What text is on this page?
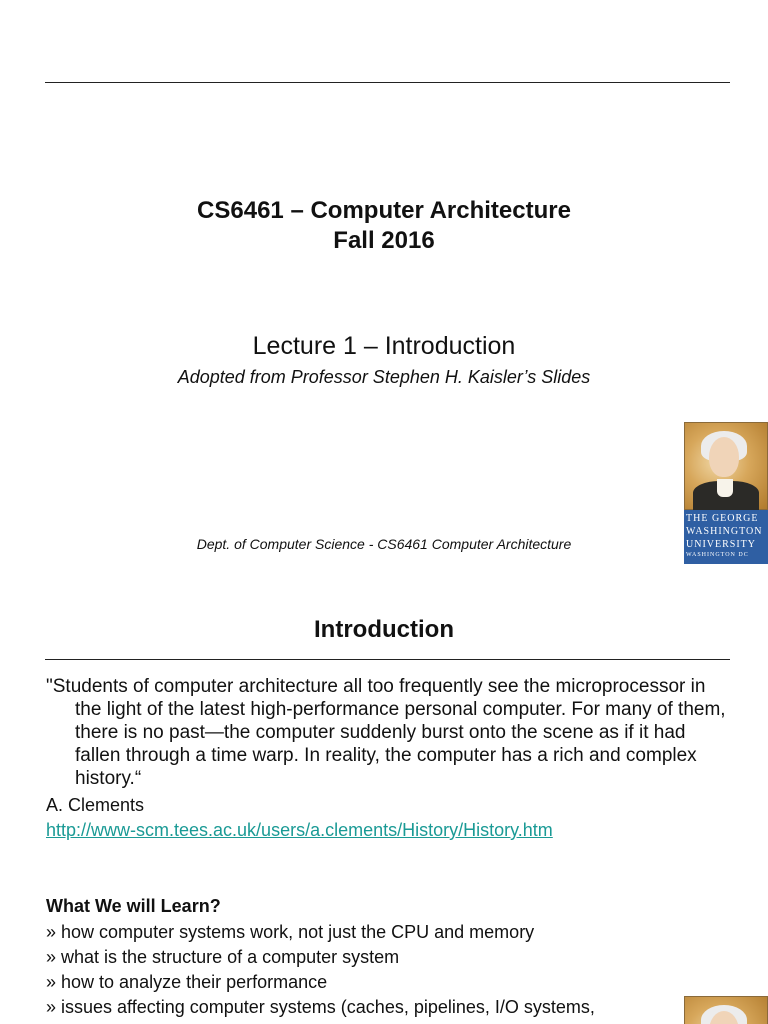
CS6461 – Computer Architecture
Fall 2016
Lecture 1 – Introduction
Adopted from Professor Stephen H. Kaisler’s Slides
Dept. of Computer Science - CS6461 Computer Architecture
THE GEORGE
WASHINGTON
UNIVERSITY
WASHINGTON DC
Introduction
"Students of computer architecture all too frequently see the microprocessor in the light of the latest high-performance personal computer. For many of them, there is no past—the computer suddenly burst onto the scene as if it had fallen through a time warp. In reality, the computer has a rich and complex history.“
A. Clements
http://www-scm.tees.ac.uk/users/a.clements/History/History.htm
What We will Learn?
» how computer systems work, not just the CPU and memory
» what is the structure of a computer system
» how to analyze their performance
» issues affecting computer systems (caches, pipelines, I/O systems,
